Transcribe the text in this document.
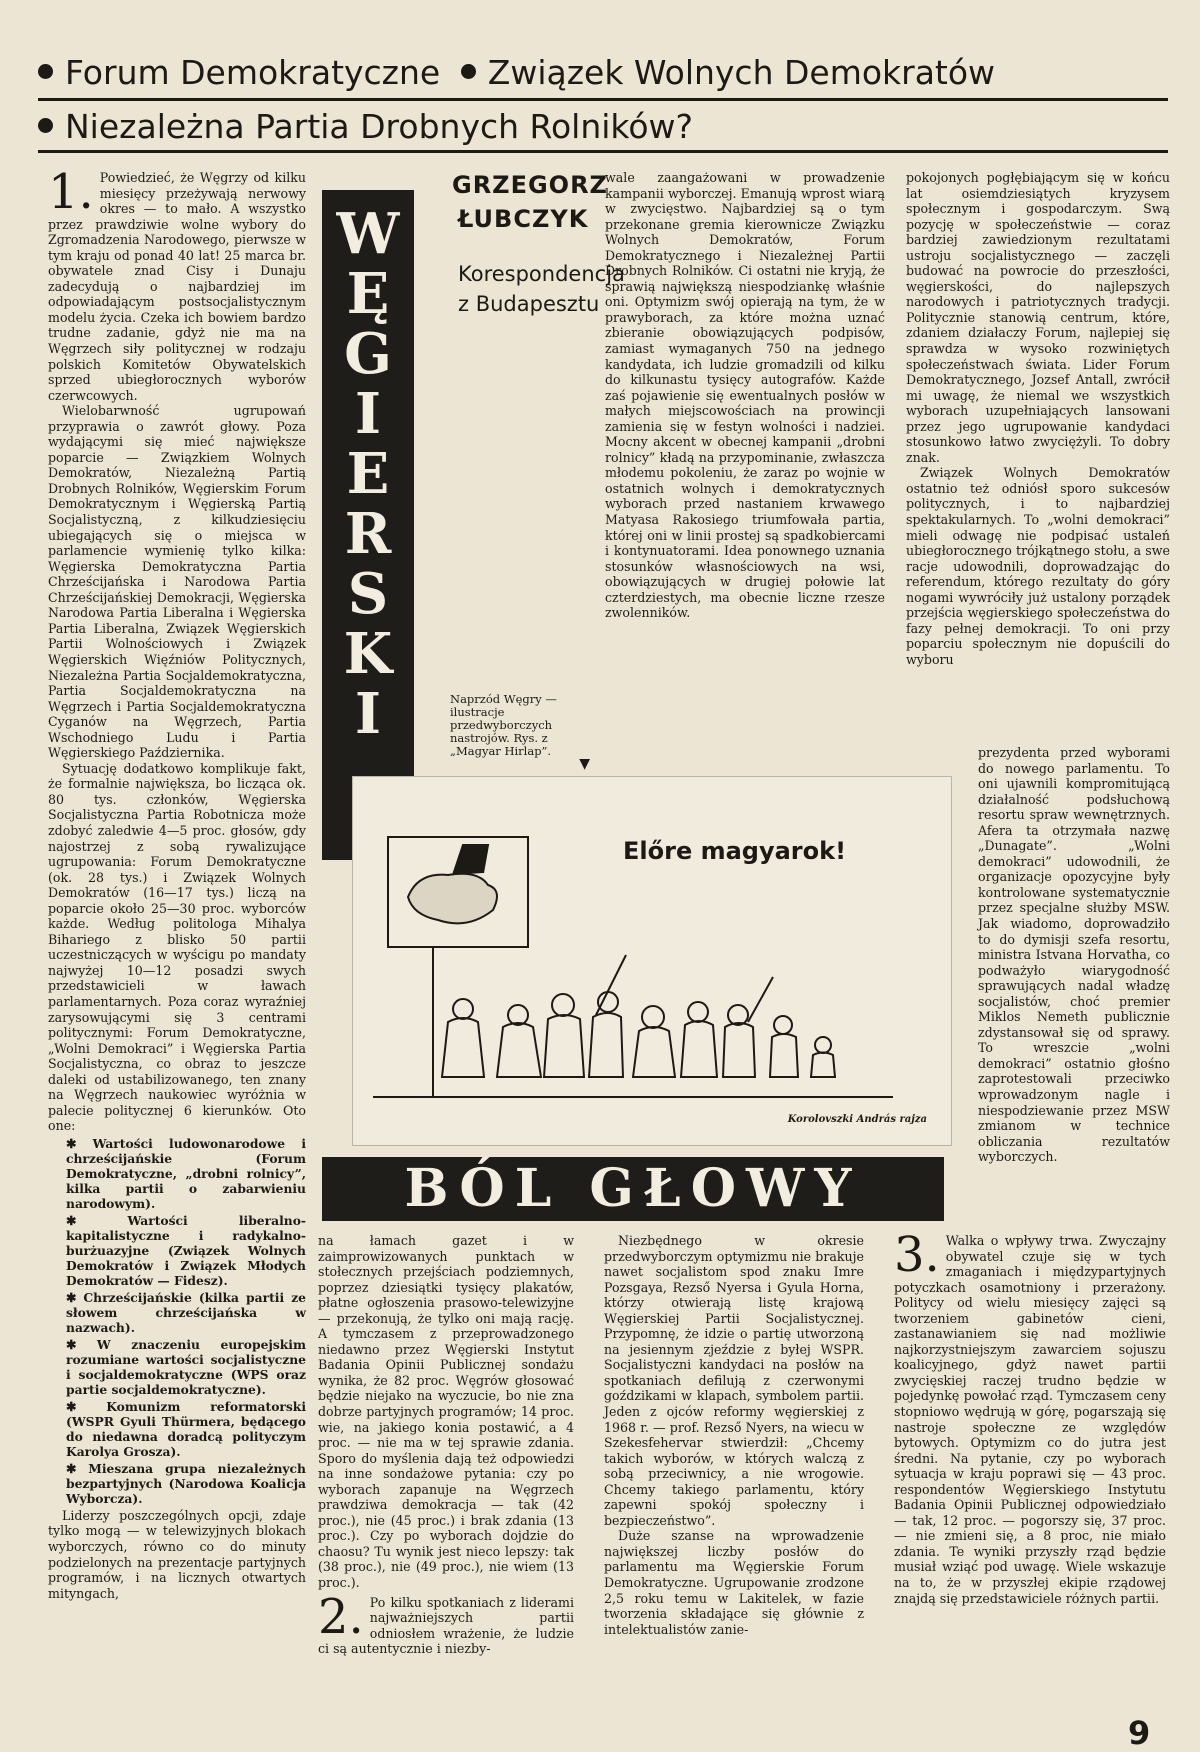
Forum Demokratyczne Związek Wolnych Demokratów
Niezależna Partia Drobnych Rolników?

1. Powiedzieć, że Węgrzy od kilku miesięcy przeżywają nerwowy okres — to mało. A wszystko przez prawdziwie wolne wybory do Zgromadzenia Narodowego, pierwsze w tym kraju od ponad 40 lat! 25 marca br. obywatele znad Cisy i Dunaju zadecydują o najbardziej im odpowiadającym postsocjalistycznym modelu życia. Czeka ich bowiem bardzo trudne zadanie, gdyż nie ma na Węgrzech siły politycznej w rodzaju polskich Komitetów Obywatelskich sprzed ubiegłorocznych wyborów czerwcowych.

Wielobarwność ugrupowań przyprawia o zawrót głowy. Poza wydającymi się mieć największe poparcie — Związkiem Wolnych Demokratów, Niezależną Partią Drobnych Rolników, Węgierskim Forum Demokratycznym i Węgierską Partią Socjalistyczną, z kilkudziesięciu ubiegających się o miejsca w parlamencie wymienię tylko kilka: Węgierska Demokratyczna Partia Chrześcijańska i Narodowa Partia Chrześcijańskiej Demokracji, Węgierska Narodowa Partia Liberalna i Węgierska Partia Liberalna, Związek Węgierskich Partii Wolnościowych i Związek Węgierskich Więźniów Politycznych, Niezależna Partia Socjaldemokratyczna, Partia Socjaldemokratyczna na Węgrzech i Partia Socjaldemokratyczna Cyganów na Węgrzech, Partia Wschodniego Ludu i Partia Węgierskiego Października.

Sytuację dodatkowo komplikuje fakt, że formalnie największa, bo licząca ok. 80 tys. członków, Węgierska Socjalistyczna Partia Robotnicza może zdobyć zaledwie 4—5 proc. głosów, gdy najostrzej z sobą rywalizujące ugrupowania: Forum Demokratyczne (ok. 28 tys.) i Związek Wolnych Demokratów (16—17 tys.) liczą na poparcie około 25—30 proc. wyborców każde. Według politologa Mihalya Bihariego z blisko 50 partii uczestniczących w wyścigu po mandaty najwyżej 10—12 posadzi swych przedstawicieli w ławach parlamentarnych. Poza coraz wyraźniej zarysowującymi się 3 centrami politycznymi: Forum Demokratyczne, „Wolni Demokraci” i Węgierska Partia Socjalistyczna, co obraz to jeszcze daleki od ustabilizowanego, ten znany na Węgrzech naukowiec wyróżnia w palecie politycznej 6 kierunków. Oto one:

✱ Wartości ludowonarodowe i chrześcijańskie (Forum Demokratyczne, „drobni rolnicy”, kilka partii o zabarwieniu narodowym).
✱ Wartości liberalno-kapitalistyczne i radykalno-burżuazyjne (Związek Wolnych Demokratów i Związek Młodych Demokratów — Fidesz).
✱ Chrześcijańskie (kilka partii ze słowem chrześcijańska w nazwach).
✱ W znaczeniu europejskim rozumiane wartości socjalistyczne i socjaldemokratyczne (WPS oraz partie socjaldemokratyczne).
✱ Komunizm reformatorski (WSPR Gyuli Thürmera, będącego do niedawna doradcą polityczym Karolya Grosza).
✱ Mieszana grupa niezależnych bezpartyjnych (Narodowa Koalicja Wyborcza).

Liderzy poszczególnych opcji, zdaje tylko mogą — w telewizyjnych blokach wyborczych, równo co do minuty podzielonych na prezentacje partyjnych programów, i na licznych otwartych mityngach,

W
Ę
G
I
E
R
S
K
I
GRZEGORZ
ŁUBCZYK
Korespondencja
z Budapesztu
Naprzód Węgry — ilustracje przedwyborczych nastrojów. Rys. z „Magyar Hirlap”.
▼

wale zaangażowani w prowadzenie kampanii wyborczej. Emanują wprost wiarą w zwycięstwo. Najbardziej są o tym przekonane gremia kierownicze Związku Wolnych Demokratów, Forum Demokratycznego i Niezależnej Partii Drobnych Rolników. Ci ostatni nie kryją, że sprawią największą niespodziankę właśnie oni. Optymizm swój opierają na tym, że w prawyborach, za które można uznać zbieranie obowiązujących podpisów, zamiast wymaganych 750 na jednego kandydata, ich ludzie gromadzili od kilku do kilkunastu tysięcy autografów. Każde zaś pojawienie się ewentualnych posłów w małych miejscowościach na prowincji zamienia się w festyn wolności i nadziei. Mocny akcent w obecnej kampanii „drobni rolnicy” kładą na przypominanie, zwłaszcza młodemu pokoleniu, że zaraz po wojnie w ostatnich wolnych i demokratycznych wyborach przed nastaniem krwawego Matyasa Rakosiego triumfowała partia, której oni w linii prostej są spadkobiercami i kontynuatorami. Idea ponownego uznania stosunków własnościowych na wsi, obowiązujących w drugiej połowie lat czterdziestych, ma obecnie liczne rzesze zwolenników.

pokojonych pogłębiającym się w końcu lat osiemdziesiątych kryzysem społecznym i gospodarczym. Swą pozycję w społeczeństwie — coraz bardziej zawiedzionym rezultatami ustroju socjalistycznego — zaczęli budować na powrocie do przeszłości, węgierskości, do najlepszych narodowych i patriotycznych tradycji. Politycznie stanowią centrum, które, zdaniem działaczy Forum, najlepiej się sprawdza w wysoko rozwiniętych społeczeństwach świata. Lider Forum Demokratycznego, Jozsef Antall, zwrócił mi uwagę, że niemal we wszystkich wyborach uzupełniających lansowani przez jego ugrupowanie kandydaci stosunkowo łatwo zwyciężyli. To dobry znak.

Związek Wolnych Demokratów ostatnio też odniósł sporo sukcesów politycznych, i to najbardziej spektakularnych. To „wolni demokraci” mieli odwagę nie podpisać ustaleń ubiegłorocznego trójkątnego stołu, a swe racje udowodnili, doprowadzając do referendum, którego rezultaty do góry nogami wywróciły już ustalony porządek przejścia węgierskiego społeczeństwa do fazy pełnej demokracji. To oni przy poparciu społecznym nie dopuścili do wyboru

prezydenta przed wyborami do nowego parlamentu. To oni ujawnili kompromitującą działalność podsłuchową resortu spraw wewnętrznych. Afera ta otrzymała nazwę „Dunagate”. „Wolni demokraci” udowodnili, że organizacje opozycyjne były kontrolowane systematycznie przez specjalne służby MSW. Jak wiadomo, doprowadziło to do dymisji szefa resortu, ministra Istvana Horvatha, co podważyło wiarygodność sprawujących nadal władzę socjalistów, choć premier Miklos Nemeth publicznie zdystansował się od sprawy. To wreszcie „wolni demokraci” ostatnio głośno zaprotestowali przeciwko wprowadzonym nagle i niespodziewanie przez MSW zmianom w technice obliczania rezultatów wyborczych.

Előre magyarok!
Korolovszki András rajza
BÓL GŁOWY

na łamach gazet i w zaimprowizowanych punktach w stołecznych przejściach podziemnych, poprzez dziesiątki tysięcy plakatów, płatne ogłoszenia prasowo-telewizyjne — przekonują, że tylko oni mają rację. A tymczasem z przeprowadzonego niedawno przez Węgierski Instytut Badania Opinii Publicznej sondażu wynika, że 82 proc. Węgrów głosować będzie niejako na wyczucie, bo nie zna dobrze partyjnych programów; 14 proc. wie, na jakiego konia postawić, a 4 proc. — nie ma w tej sprawie zdania. Sporo do myślenia dają też odpowiedzi na inne sondażowe pytania: czy po wyborach zapanuje na Węgrzech prawdziwa demokracja — tak (42 proc.), nie (45 proc.) i brak zdania (13 proc.). Czy po wyborach dojdzie do chaosu? Tu wynik jest nieco lepszy: tak (38 proc.), nie (49 proc.), nie wiem (13 proc.).

2. Po kilku spotkaniach z liderami najważniejszych partii odniosłem wrażenie, że ludzie ci są autentycznie i niezby-

Niezbędnego w okresie przedwyborczym optymizmu nie brakuje nawet socjalistom spod znaku Imre Pozsgaya, Rezső Nyersa i Gyula Horna, którzy otwierają listę krajową Węgierskiej Partii Socjalistycznej. Przypomnę, że idzie o partię utworzoną na jesiennym zjeździe z byłej WSPR. Socjalistyczni kandydaci na posłów na spotkaniach defilują z czerwonymi goździkami w klapach, symbolem partii. Jeden z ojców reformy węgierskiej z 1968 r. — prof. Rezső Nyers, na wiecu w Szekesfehervar stwierdził: „Chcemy takich wyborów, w których walczą z sobą przeciwnicy, a nie wrogowie. Chcemy takiego parlamentu, który zapewni spokój społeczny i bezpieczeństwo”.

Duże szanse na wprowadzenie największej liczby posłów do parlamentu ma Węgierskie Forum Demokratyczne. Ugrupowanie zrodzone 2,5 roku temu w Lakitelek, w fazie tworzenia składające się głównie z intelektualistów zanie-

3. Walka o wpływy trwa. Zwyczajny obywatel czuje się w tych zmaganiach i międzypartyjnych potyczkach osamotniony i przerażony. Politycy od wielu miesięcy zajęci są tworzeniem gabinetów cieni, zastanawianiem się nad możliwie najkorzystniejszym zawarciem sojuszu koalicyjnego, gdyż nawet partii zwycięskiej raczej trudno będzie w pojedynkę powołać rząd. Tymczasem ceny stopniowo wędrują w górę, pogarszają się nastroje społeczne ze względów bytowych. Optymizm co do jutra jest średni. Na pytanie, czy po wyborach sytuacja w kraju poprawi się — 43 proc. respondentów Węgierskiego Instytutu Badania Opinii Publicznej odpowiedziało — tak, 12 proc. — pogorszy się, 37 proc. — nie zmieni się, a 8 proc, nie miało zdania. Te wyniki przyszły rząd będzie musiał wziąć pod uwagę. Wiele wskazuje na to, że w przyszłej ekipie rządowej znajdą się przedstawiciele różnych partii.

9
